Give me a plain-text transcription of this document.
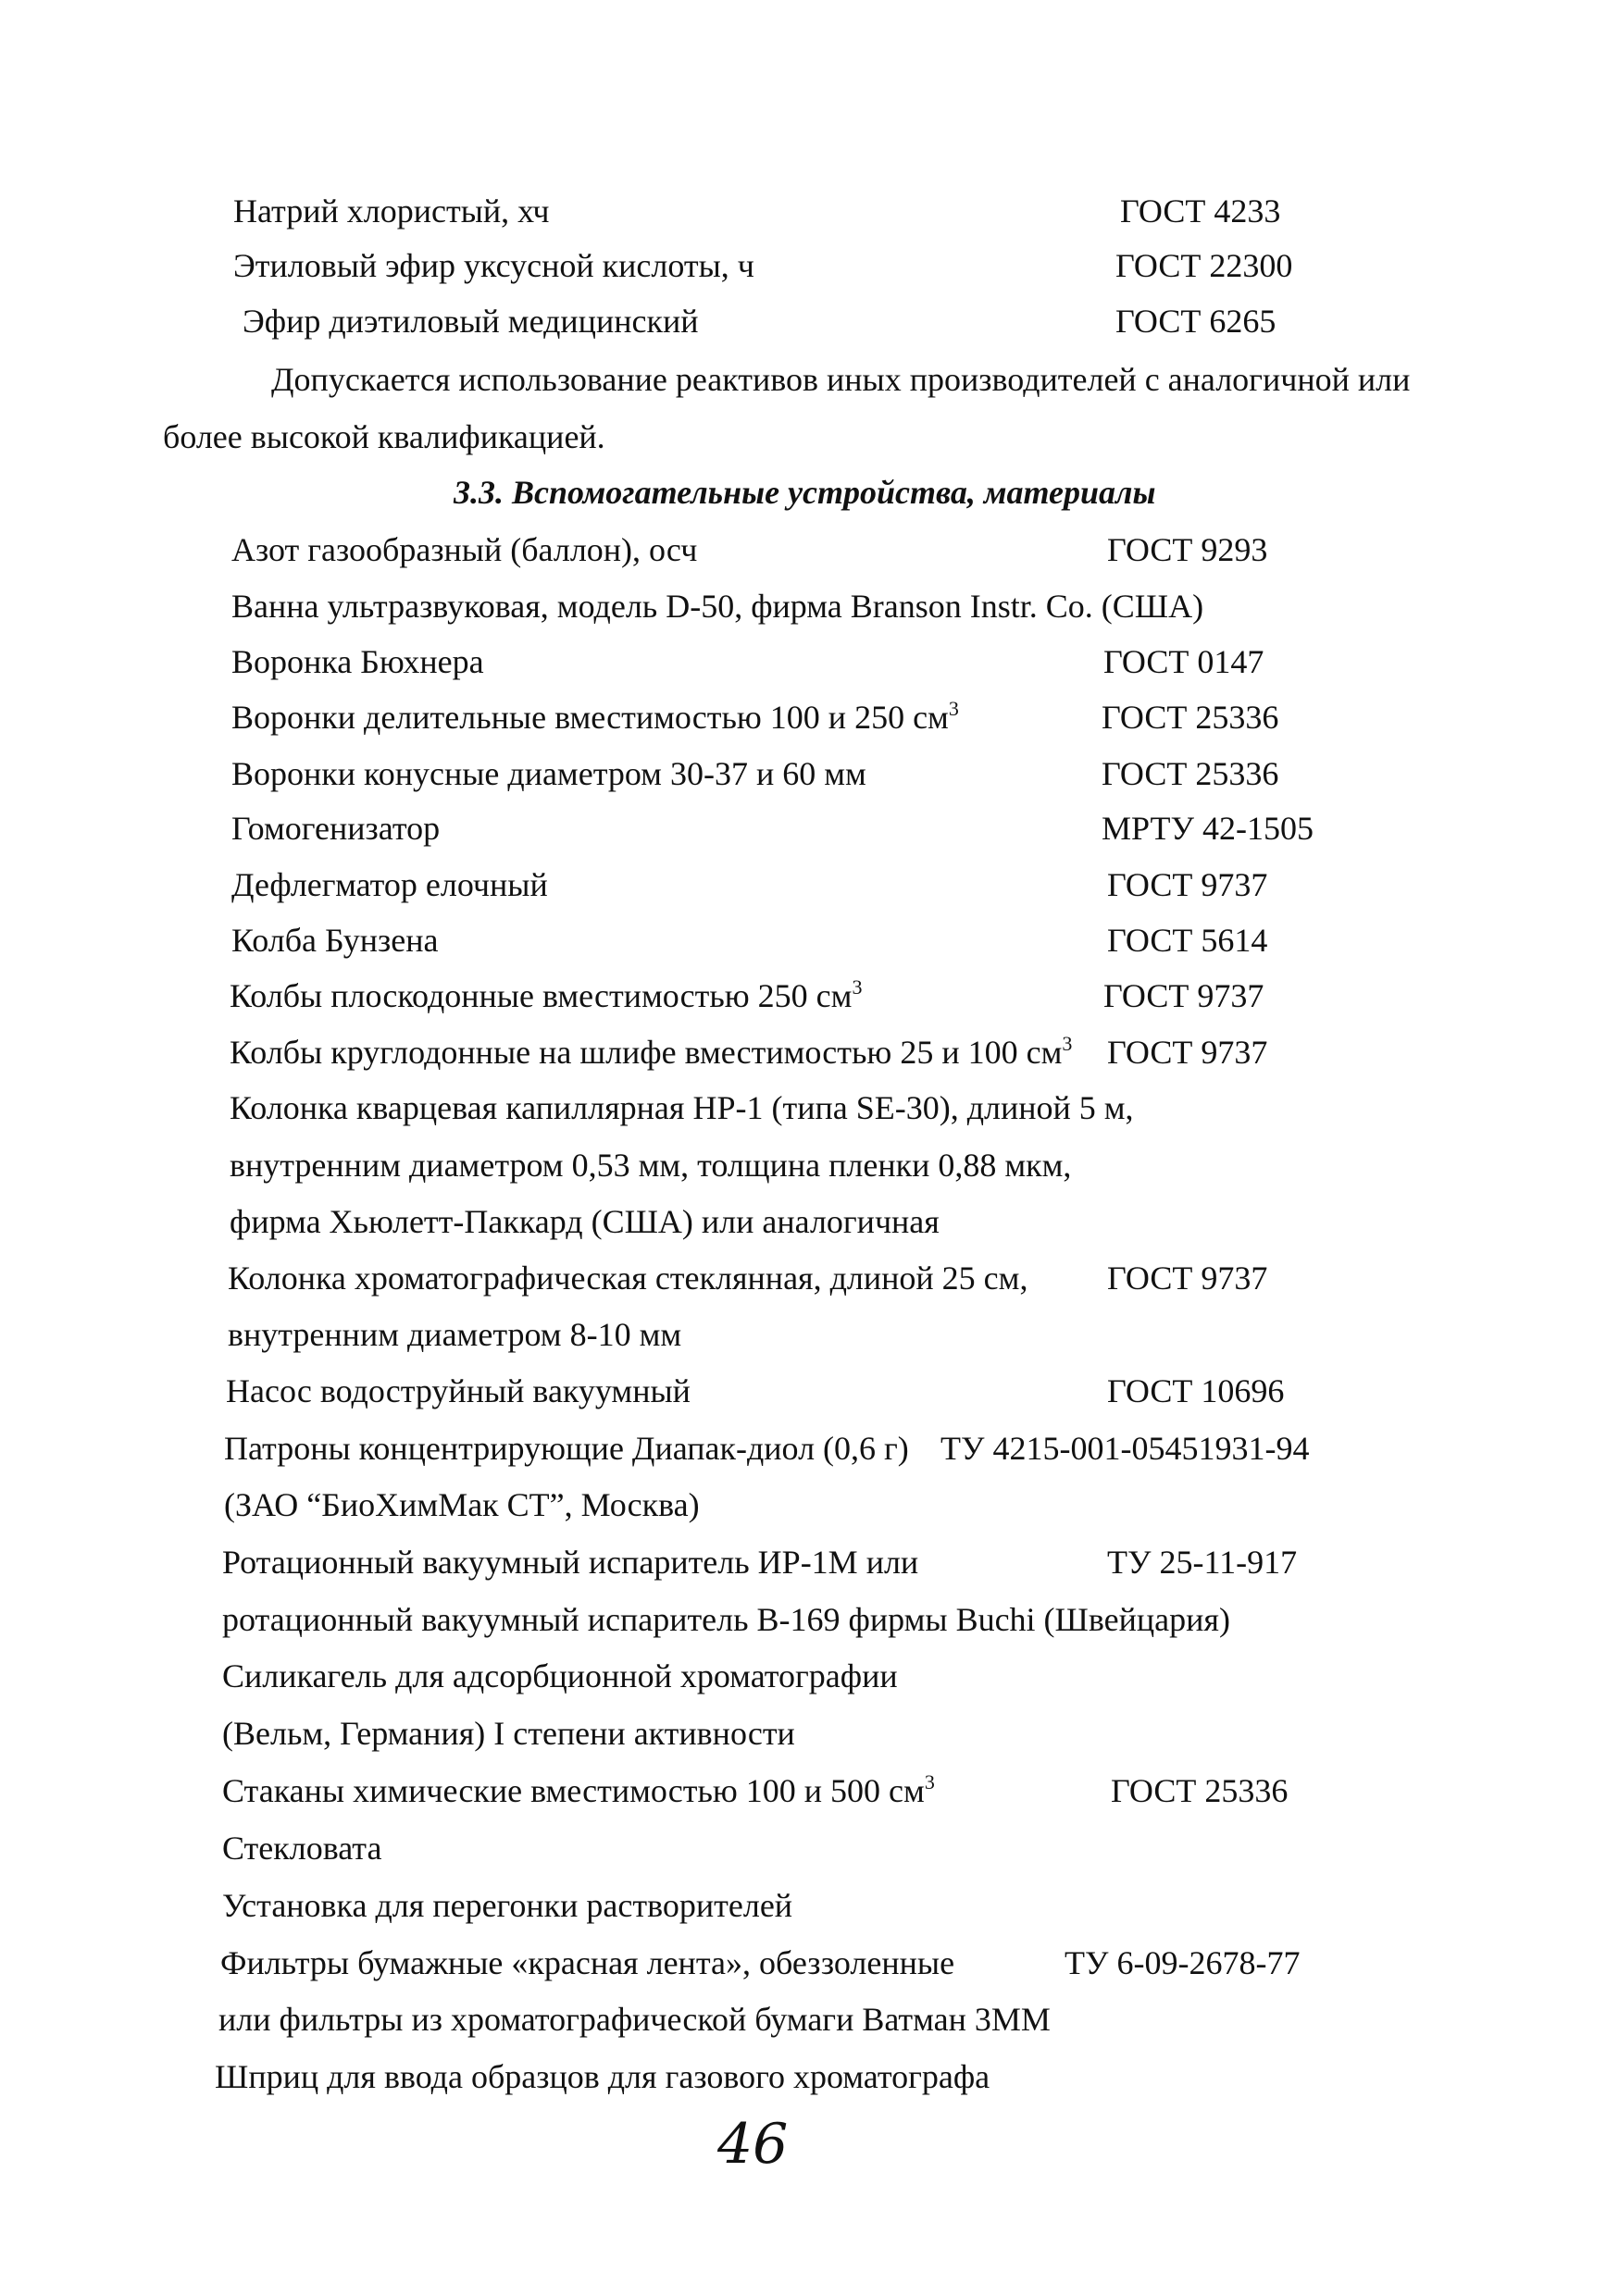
Натрий хлористый, хч	ГОСТ 4233
Этиловый эфир уксусной кислоты, ч	ГОСТ 22300
Эфир диэтиловый медицинский	ГОСТ 6265
Допускается использование реактивов иных производителей с аналогичной или
более высокой квалификацией.
3.3. Вспомогательные устройства, материалы
Азот газообразный (баллон), осч	ГОСТ 9293
Ванна ультразвуковая, модель D-50, фирма Branson Instr. Co. (США)
Воронка Бюхнера	ГОСТ 0147
Воронки делительные вместимостью 100 и 250 $см^3$	ГОСТ 25336
Воронки конусные диаметром 30-37 и 60 мм	ГОСТ 25336
Гомогенизатор	МРТУ 42-1505
Дефлегматор елочный	ГОСТ 9737
Колба Бунзена	ГОСТ 5614
Колбы плоскодонные вместимостью 250 $см^3$	ГОСТ 9737
Колбы круглодонные на шлифе вместимостью 25 и 100 $см^3$ ГОСТ 9737
Колонка кварцевая капиллярная HP-1 (типа SE-30), длиной 5 м,
внутренним диаметром 0,53 мм, толщина пленки 0,88 мкм,
фирма Хьюлетт-Паккард (США) или аналогичная
Колонка хроматографическая стеклянная, длиной 25 см, ГОСТ 9737
внутренним диаметром 8-10 мм
Насос водоструйный вакуумный	ГОСТ 10696
Патроны концентрирующие Диапак-диол (0,6 г) ТУ 4215-001-05451931-94
(ЗАО “БиоХимМак СТ”, Москва)
Ротационный вакуумный испаритель ИР-1М или	ТУ 25-11-917
ротационный вакуумный испаритель B-169 фирмы Buchi (Швейцария)
Силикагель для адсорбционной хроматографии
(Вельм, Германия) I степени активности
Стаканы химические вместимостью 100 и 500 $см^3$	ГОСТ 25336
Стекловата
Установка для перегонки растворителей
Фильтры бумажные «красная лента», обеззоленные	ТУ 6-09-2678-77
или фильтры из хроматографической бумаги Ватман 3ММ
Шприц для ввода образцов для газового хроматографа
46
